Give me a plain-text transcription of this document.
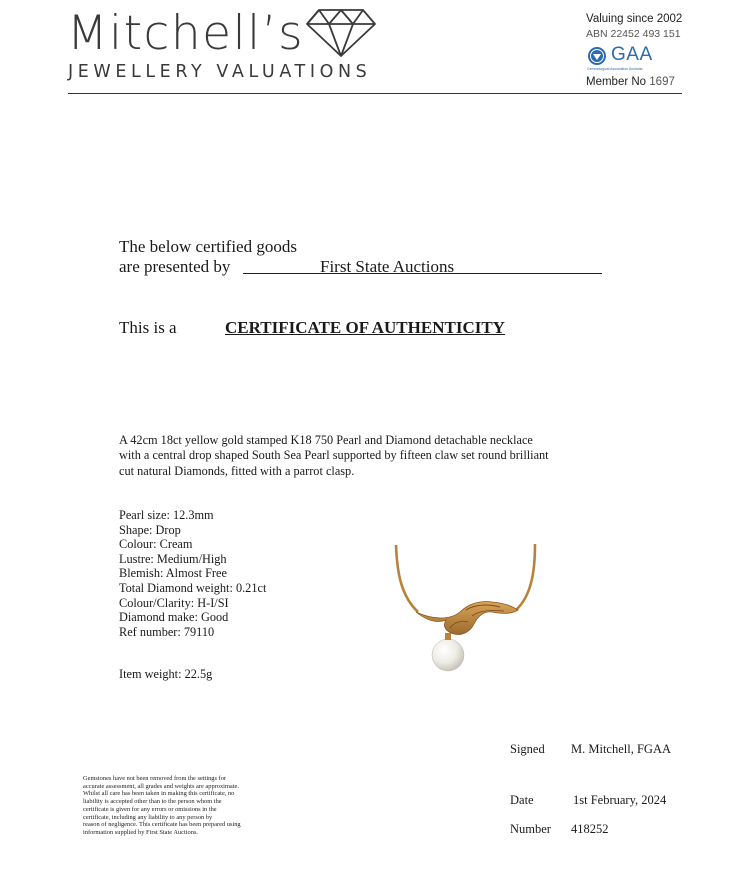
Mitchell’s
JEWELLERY VALUATIONS
Valuing since 2002
ABN 22452 493 151
GAA
Gemmological Association Australia
Member No 1697
The below certified goods
are presented by	First State Auctions
This is a	CERTIFICATE OF AUTHENTICITY
A 42cm 18ct yellow gold stamped K18 750 Pearl and Diamond detachable necklace
with a central drop shaped South Sea Pearl supported by fifteen claw set round brilliant
cut natural Diamonds, fitted with a parrot clasp.
Pearl size: 12.3mm
Shape: Drop
Colour: Cream
Lustre: Medium/High
Blemish: Almost Free
Total Diamond weight: 0.21ct
Colour/Clarity: H-I/SI
Diamond make: Good
Ref number: 79110
Item weight: 22.5g
Signed M. Mitchell, FGAA
Date	1st February, 2024
Number 418252
Gemstones have not been removed from the settings for
accurate assessment, all grades and weights are approximate.
Whilst all care has been taken in making this certificate, no
liability is accepted other than to the person whom the
certificate is given for any errors or omissions in the
certificate, including any liability to any person by
reason of negligence. This certificate has been prepared using
information supplied by First State Auctions.
